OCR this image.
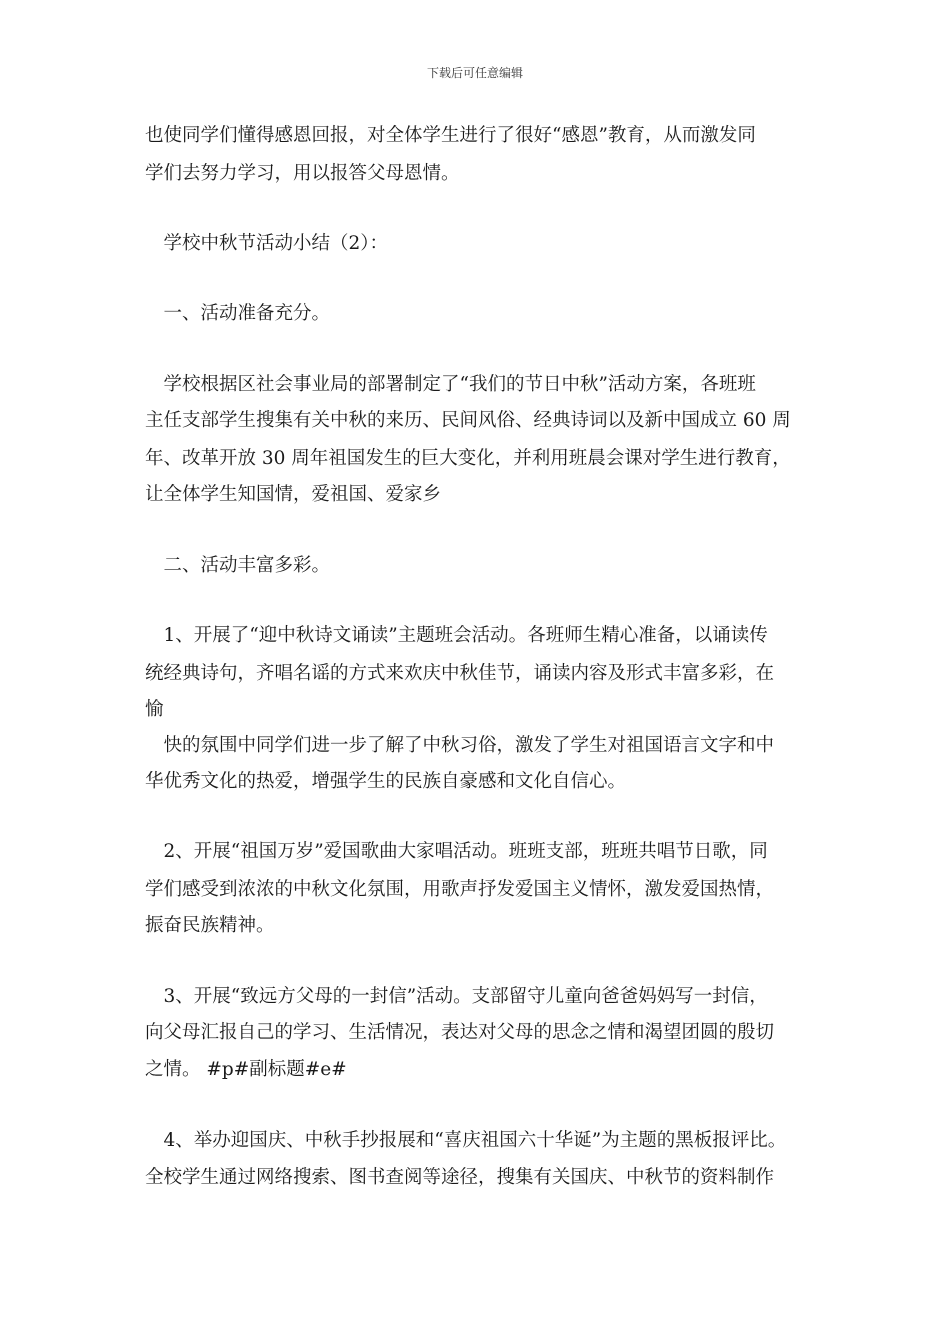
下载后可任意编辑
也使同学们懂得感恩回报，对全体学生进行了很好“感恩”教育，从而激发同
学们去努力学习，用以报答父母恩情。
　学校中秋节活动小结（2）：
　一、活动准备充分。
　学校根据区社会事业局的部署制定了“我们的节日中秋”活动方案，各班班
主任支部学生搜集有关中秋的来历、民间风俗、经典诗词以及新中国成立 60 周
年、改革开放 30 周年祖国发生的巨大变化，并利用班晨会课对学生进行教育，
让全体学生知国情，爱祖国、爱家乡
　二、活动丰富多彩。
　1、开展了“迎中秋诗文诵读”主题班会活动。各班师生精心准备，以诵读传
统经典诗句，齐唱名谣的方式来欢庆中秋佳节，诵读内容及形式丰富多彩，在
愉
　快的氛围中同学们进一步了解了中秋习俗，激发了学生对祖国语言文字和中
华优秀文化的热爱，增强学生的民族自豪感和文化自信心。
　2、开展“祖国万岁”爱国歌曲大家唱活动。班班支部，班班共唱节日歌，同
学们感受到浓浓的中秋文化氛围，用歌声抒发爱国主义情怀，激发爱国热情，
振奋民族精神。
　3、开展“致远方父母的一封信”活动。支部留守儿童向爸爸妈妈写一封信，
向父母汇报自己的学习、生活情况，表达对父母的思念之情和渴望团圆的殷切
之情。 #p#副标题#e#
　4、举办迎国庆、中秋手抄报展和“喜庆祖国六十华诞”为主题的黑板报评比。
全校学生通过网络搜索、图书查阅等途径，搜集有关国庆、中秋节的资料制作
